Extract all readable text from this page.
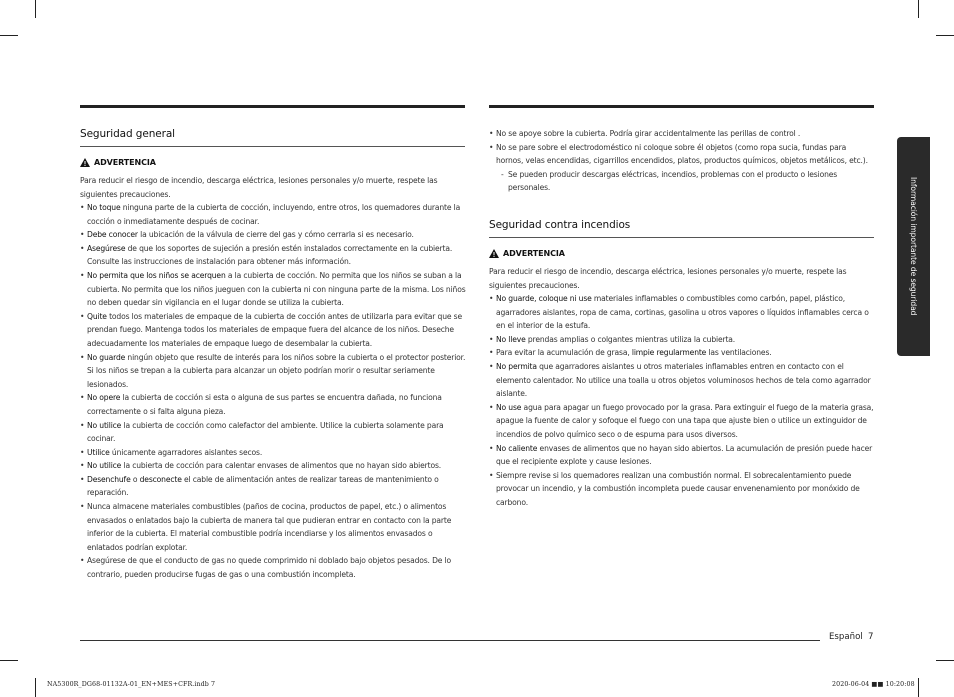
Seguridad general
ADVERTENCIA
Para reducir el riesgo de incendio, descarga eléctrica, lesiones personales y/o muerte, respete las siguientes precauciones.
• No toque ninguna parte de la cubierta de cocción, incluyendo, entre otros, los quemadores durante la cocción o inmediatamente después de cocinar.
• Debe conocer la ubicación de la válvula de cierre del gas y cómo cerrarla si es necesario.
• Asegúrese de que los soportes de sujeción a presión estén instalados correctamente en la cubierta. Consulte las instrucciones de instalación para obtener más información.
• No permita que los niños se acerquen a la cubierta de cocción. No permita que los niños se suban a la cubierta. No permita que los niños jueguen con la cubierta ni con ninguna parte de la misma. Los niños no deben quedar sin vigilancia en el lugar donde se utiliza la cubierta.
• Quite todos los materiales de empaque de la cubierta de cocción antes de utilizarla para evitar que se prendan fuego. Mantenga todos los materiales de empaque fuera del alcance de los niños. Deseche adecuadamente los materiales de empaque luego de desembalar la cubierta.
• No guarde ningún objeto que resulte de interés para los niños sobre la cubierta o el protector posterior. Si los niños se trepan a la cubierta para alcanzar un objeto podrían morir o resultar seriamente lesionados.
• No opere la cubierta de cocción si esta o alguna de sus partes se encuentra dañada, no funciona correctamente o si falta alguna pieza.
• No utilice la cubierta de cocción como calefactor del ambiente. Utilice la cubierta solamente para cocinar.
• Utilice únicamente agarradores aislantes secos.
• No utilice la cubierta de cocción para calentar envases de alimentos que no hayan sido abiertos.
• Desenchufe o desconecte el cable de alimentación antes de realizar tareas de mantenimiento o reparación.
• Nunca almacene materiales combustibles (paños de cocina, productos de papel, etc.) o alimentos envasados o enlatados bajo la cubierta de manera tal que pudieran entrar en contacto con la parte inferior de la cubierta. El material combustible podría incendiarse y los alimentos envasados o enlatados podrían explotar.
• Asegúrese de que el conducto de gas no quede comprimido ni doblado bajo objetos pesados. De lo contrario, pueden producirse fugas de gas o una combustión incompleta.
• No se apoye sobre la cubierta. Podría girar accidentalmente las perillas de control .
• No se pare sobre el electrodoméstico ni coloque sobre él objetos (como ropa sucia, fundas para hornos, velas encendidas, cigarrillos encendidos, platos, productos químicos, objetos metálicos, etc.).
- Se pueden producir descargas eléctricas, incendios, problemas con el producto o lesiones personales.
Seguridad contra incendios
ADVERTENCIA
Para reducir el riesgo de incendio, descarga eléctrica, lesiones personales y/o muerte, respete las siguientes precauciones.
• No guarde, coloque ni use materiales inflamables o combustibles como carbón, papel, plástico, agarradores aislantes, ropa de cama, cortinas, gasolina u otros vapores o líquidos inflamables cerca o en el interior de la estufa.
• No lleve prendas amplias o colgantes mientras utiliza la cubierta.
• Para evitar la acumulación de grasa, limpie regularmente las ventilaciones.
• No permita que agarradores aislantes u otros materiales inflamables entren en contacto con el elemento calentador. No utilice una toalla u otros objetos voluminosos hechos de tela como agarrador aislante.
• No use agua para apagar un fuego provocado por la grasa. Para extinguir el fuego de la materia grasa, apague la fuente de calor y sofoque el fuego con una tapa que ajuste bien o utilice un extinguidor de incendios de polvo químico seco o de espuma para usos diversos.
• No caliente envases de alimentos que no hayan sido abiertos. La acumulación de presión puede hacer que el recipiente explote y cause lesiones.
• Siempre revise si los quemadores realizan una combustión normal. El sobrecalentamiento puede provocar un incendio, y la combustión incompleta puede causar envenenamiento por monóxido de carbono.
Información importante de seguridad
Español 7
NA5300R_DG68-01132A-01_EN+MES+CFR.indb 7	2020-06-04 ■■ 10:20:08
